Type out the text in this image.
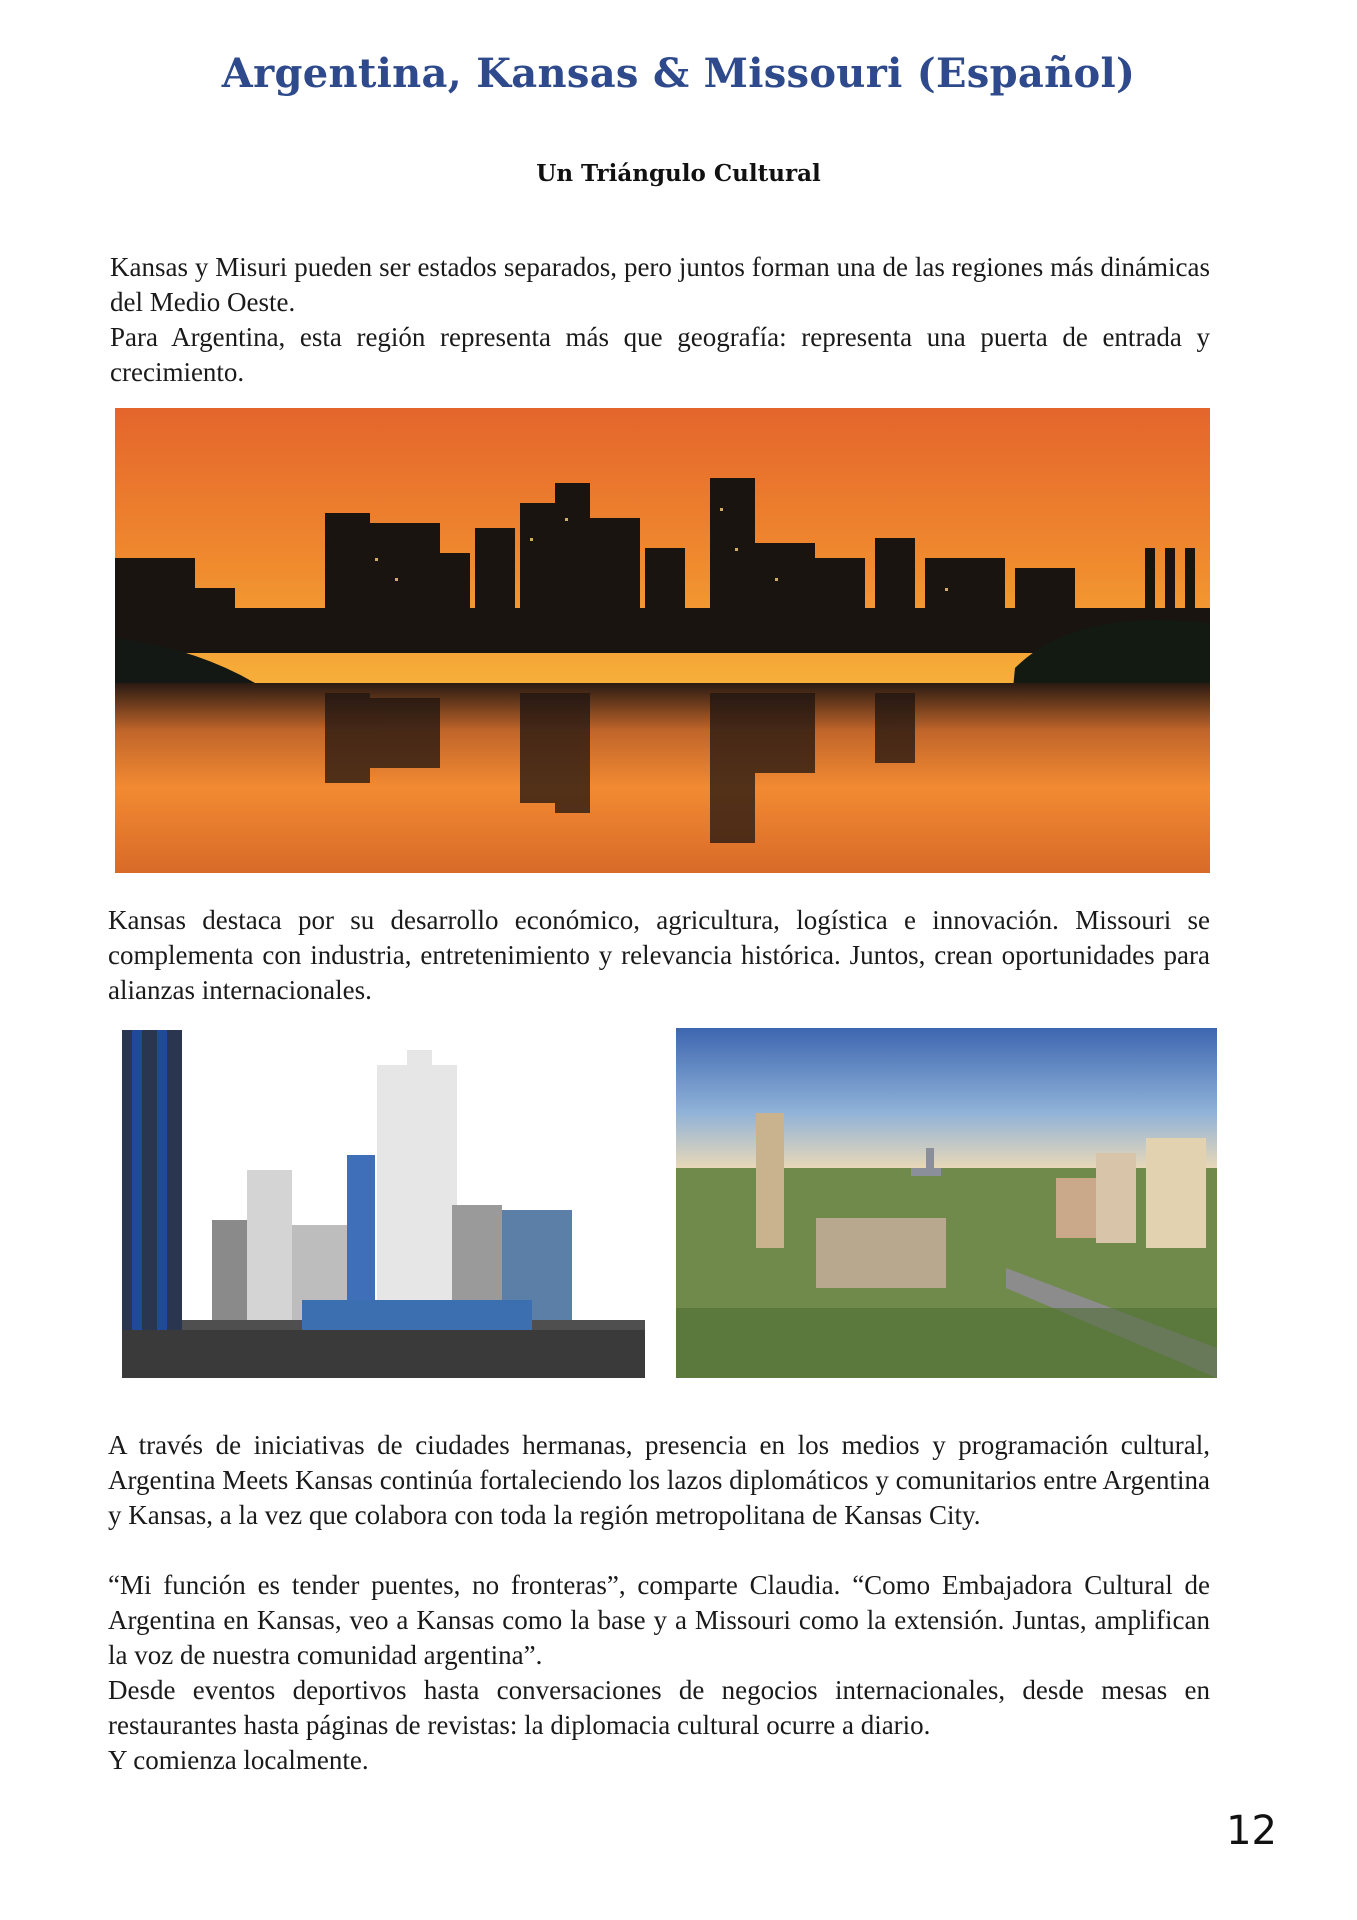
Argentina, Kansas & Missouri (Español)
Un Triángulo Cultural
Kansas y Misuri pueden ser estados separados, pero juntos forman una de las regiones más dinámicas del Medio Oeste.
Para Argentina, esta región representa más que geografía: representa una puerta de entrada y crecimiento.
Kansas destaca por su desarrollo económico, agricultura, logística e innovación. Missouri se complementa con industria, entretenimiento y relevancia histórica. Juntos, crean oportunidades para alianzas internacionales.
A través de iniciativas de ciudades hermanas, presencia en los medios y programación cultural, Argentina Meets Kansas continúa fortaleciendo los lazos diplomáticos y comunitarios entre Argentina y Kansas, a la vez que colabora con toda la región metropolitana de Kansas City.
“Mi función es tender puentes, no fronteras”, comparte Claudia. “Como Embajadora Cultural de Argentina en Kansas, veo a Kansas como la base y a Missouri como la extensión. Juntas, amplifican la voz de nuestra comunidad argentina”.
Desde eventos deportivos hasta conversaciones de negocios internacionales, desde mesas en restaurantes hasta páginas de revistas: la diplomacia cultural ocurre a diario.
Y comienza localmente.
12
